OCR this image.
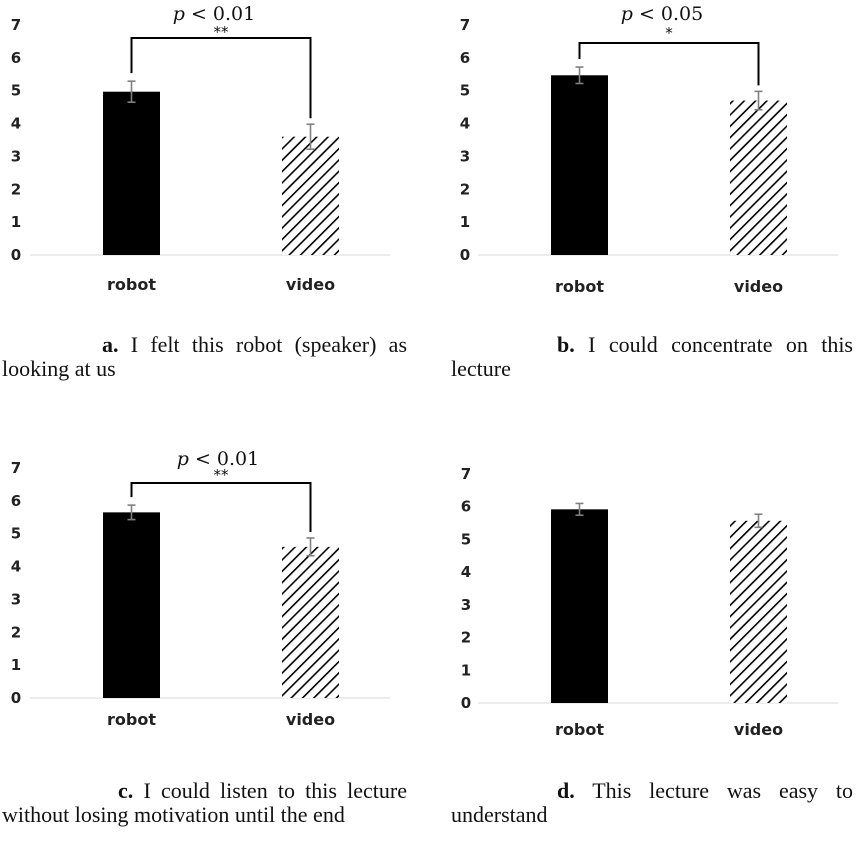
0
1
2
3
4
5
6
7
robot	video
p < 0.01
**
a. I felt this robot (speaker) as looking at us
0
1
2
3
4
5
6
7
robot	video
p < 0.05
*
b. I could concentrate on this lecture
0
1
2
3
4
5
6
7
robot	video
p < 0.01
**
c. I could listen to this lecture without losing motivation until the end
0
1
2
3
4
5
6
7
robot	video
d. This lecture was easy to understand
